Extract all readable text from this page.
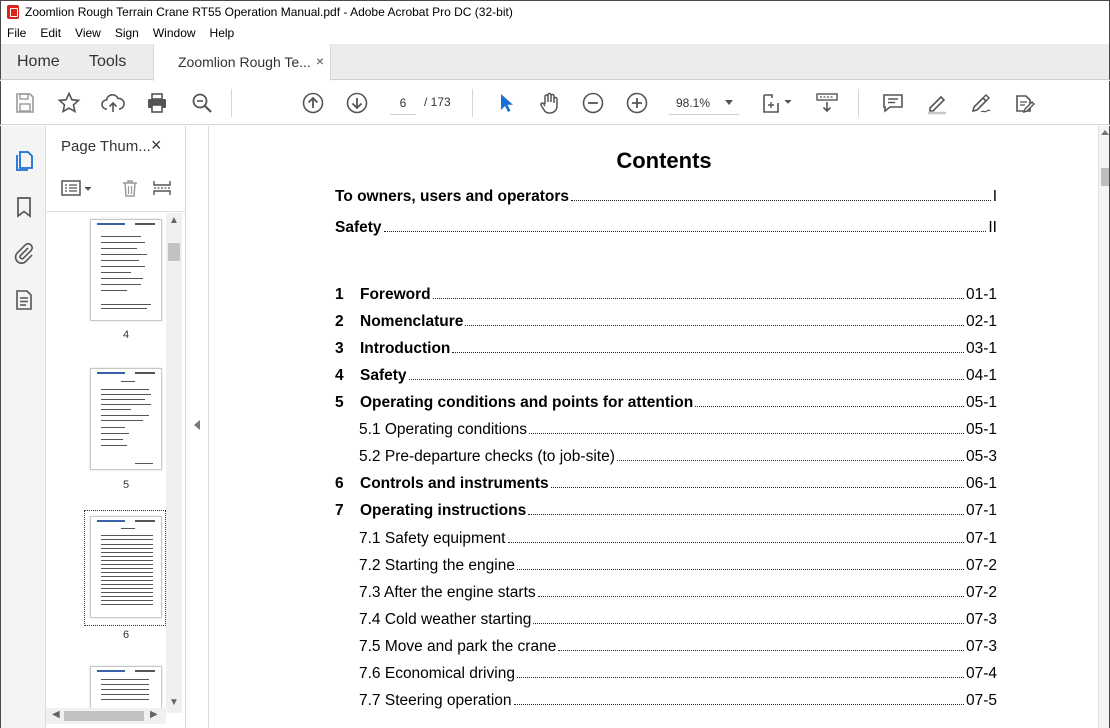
Zoomlion Rough Terrain Crane RT55 Operation Manual.pdf - Adobe Acrobat Pro DC (32-bit)
File	Edit	View	Sign	Window	Help
Home Tools	Zoomlion Rough Te... ×
6
/ 173	98.1%
Page Thum... ×
4
5
6
▲
▼
◀	▶
Contents
To owners, users and operators	I
Safety	II
1	Foreword	01-1
2	Nomenclature	02-1
3	Introduction	03-1
4	Safety	04-1
5	Operating conditions and points for attention	05-1
5.1 Operating conditions	05-1
5.2 Pre-departure checks (to job-site)	05-3
6	Controls and instruments	06-1
7	Operating instructions	07-1
7.1 Safety equipment	07-1
7.2 Starting the engine	07-2
7.3 After the engine starts	07-2
7.4 Cold weather starting	07-3
7.5 Move and park the crane	07-3
7.6 Economical driving	07-4
7.7 Steering operation	07-5
